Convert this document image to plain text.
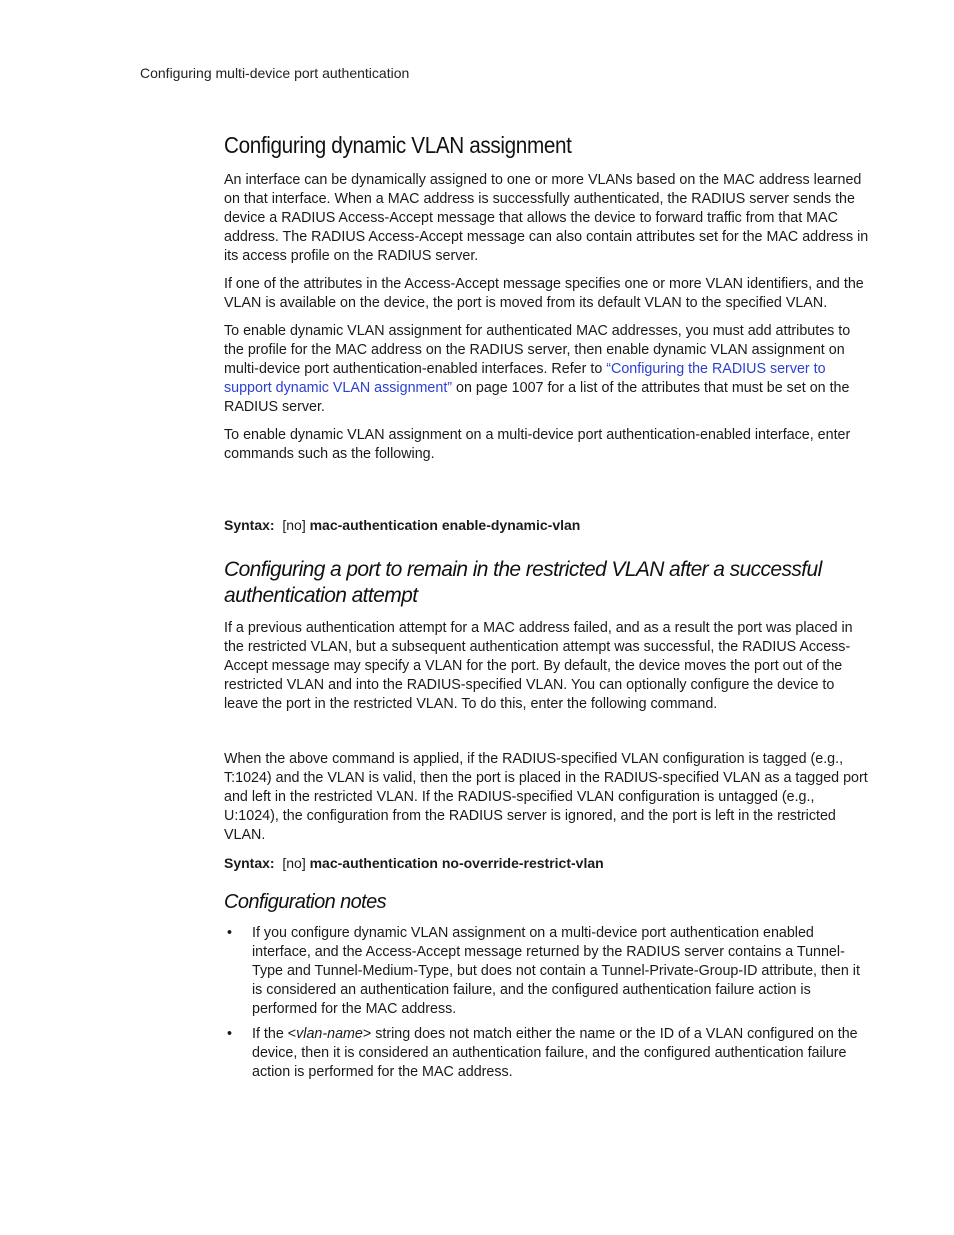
Configuring multi-device port authentication
Configuring dynamic VLAN assignment

An interface can be dynamically assigned to one or more VLANs based on the MAC address learned on that interface. When a MAC address is successfully authenticated, the RADIUS server sends the device a RADIUS Access-Accept message that allows the device to forward traffic from that MAC address. The RADIUS Access-Accept message can also contain attributes set for the MAC address in its access profile on the RADIUS server.

If one of the attributes in the Access-Accept message specifies one or more VLAN identifiers, and the VLAN is available on the device, the port is moved from its default VLAN to the specified VLAN.

To enable dynamic VLAN assignment for authenticated MAC addresses, you must add attributes to the profile for the MAC address on the RADIUS server, then enable dynamic VLAN assignment on multi-device port authentication-enabled interfaces. Refer to “Configuring the RADIUS server to support dynamic VLAN assignment” on page 1007 for a list of the attributes that must be set on the RADIUS server.

To enable dynamic VLAN assignment on a multi-device port authentication-enabled interface, enter commands such as the following.

Syntax: [no] mac-authentication enable-dynamic-vlan

Configuring a port to remain in the restricted VLAN after a successful authentication attempt

If a previous authentication attempt for a MAC address failed, and as a result the port was placed in the restricted VLAN, but a subsequent authentication attempt was successful, the RADIUS Access-Accept message may specify a VLAN for the port. By default, the device moves the port out of the restricted VLAN and into the RADIUS-specified VLAN. You can optionally configure the device to leave the port in the restricted VLAN. To do this, enter the following command.

When the above command is applied, if the RADIUS-specified VLAN configuration is tagged (e.g., T:1024) and the VLAN is valid, then the port is placed in the RADIUS-specified VLAN as a tagged port and left in the restricted VLAN. If the RADIUS-specified VLAN configuration is untagged (e.g., U:1024), the configuration from the RADIUS server is ignored, and the port is left in the restricted VLAN.

Syntax: [no] mac-authentication no-override-restrict-vlan

Configuration notes
• If you configure dynamic VLAN assignment on a multi-device port authentication enabled interface, and the Access-Accept message returned by the RADIUS server contains a Tunnel-Type and Tunnel-Medium-Type, but does not contain a Tunnel-Private-Group-ID attribute, then it is considered an authentication failure, and the configured authentication failure action is performed for the MAC address.
• If the <vlan-name> string does not match either the name or the ID of a VLAN configured on the device, then it is considered an authentication failure, and the configured authentication failure action is performed for the MAC address.
